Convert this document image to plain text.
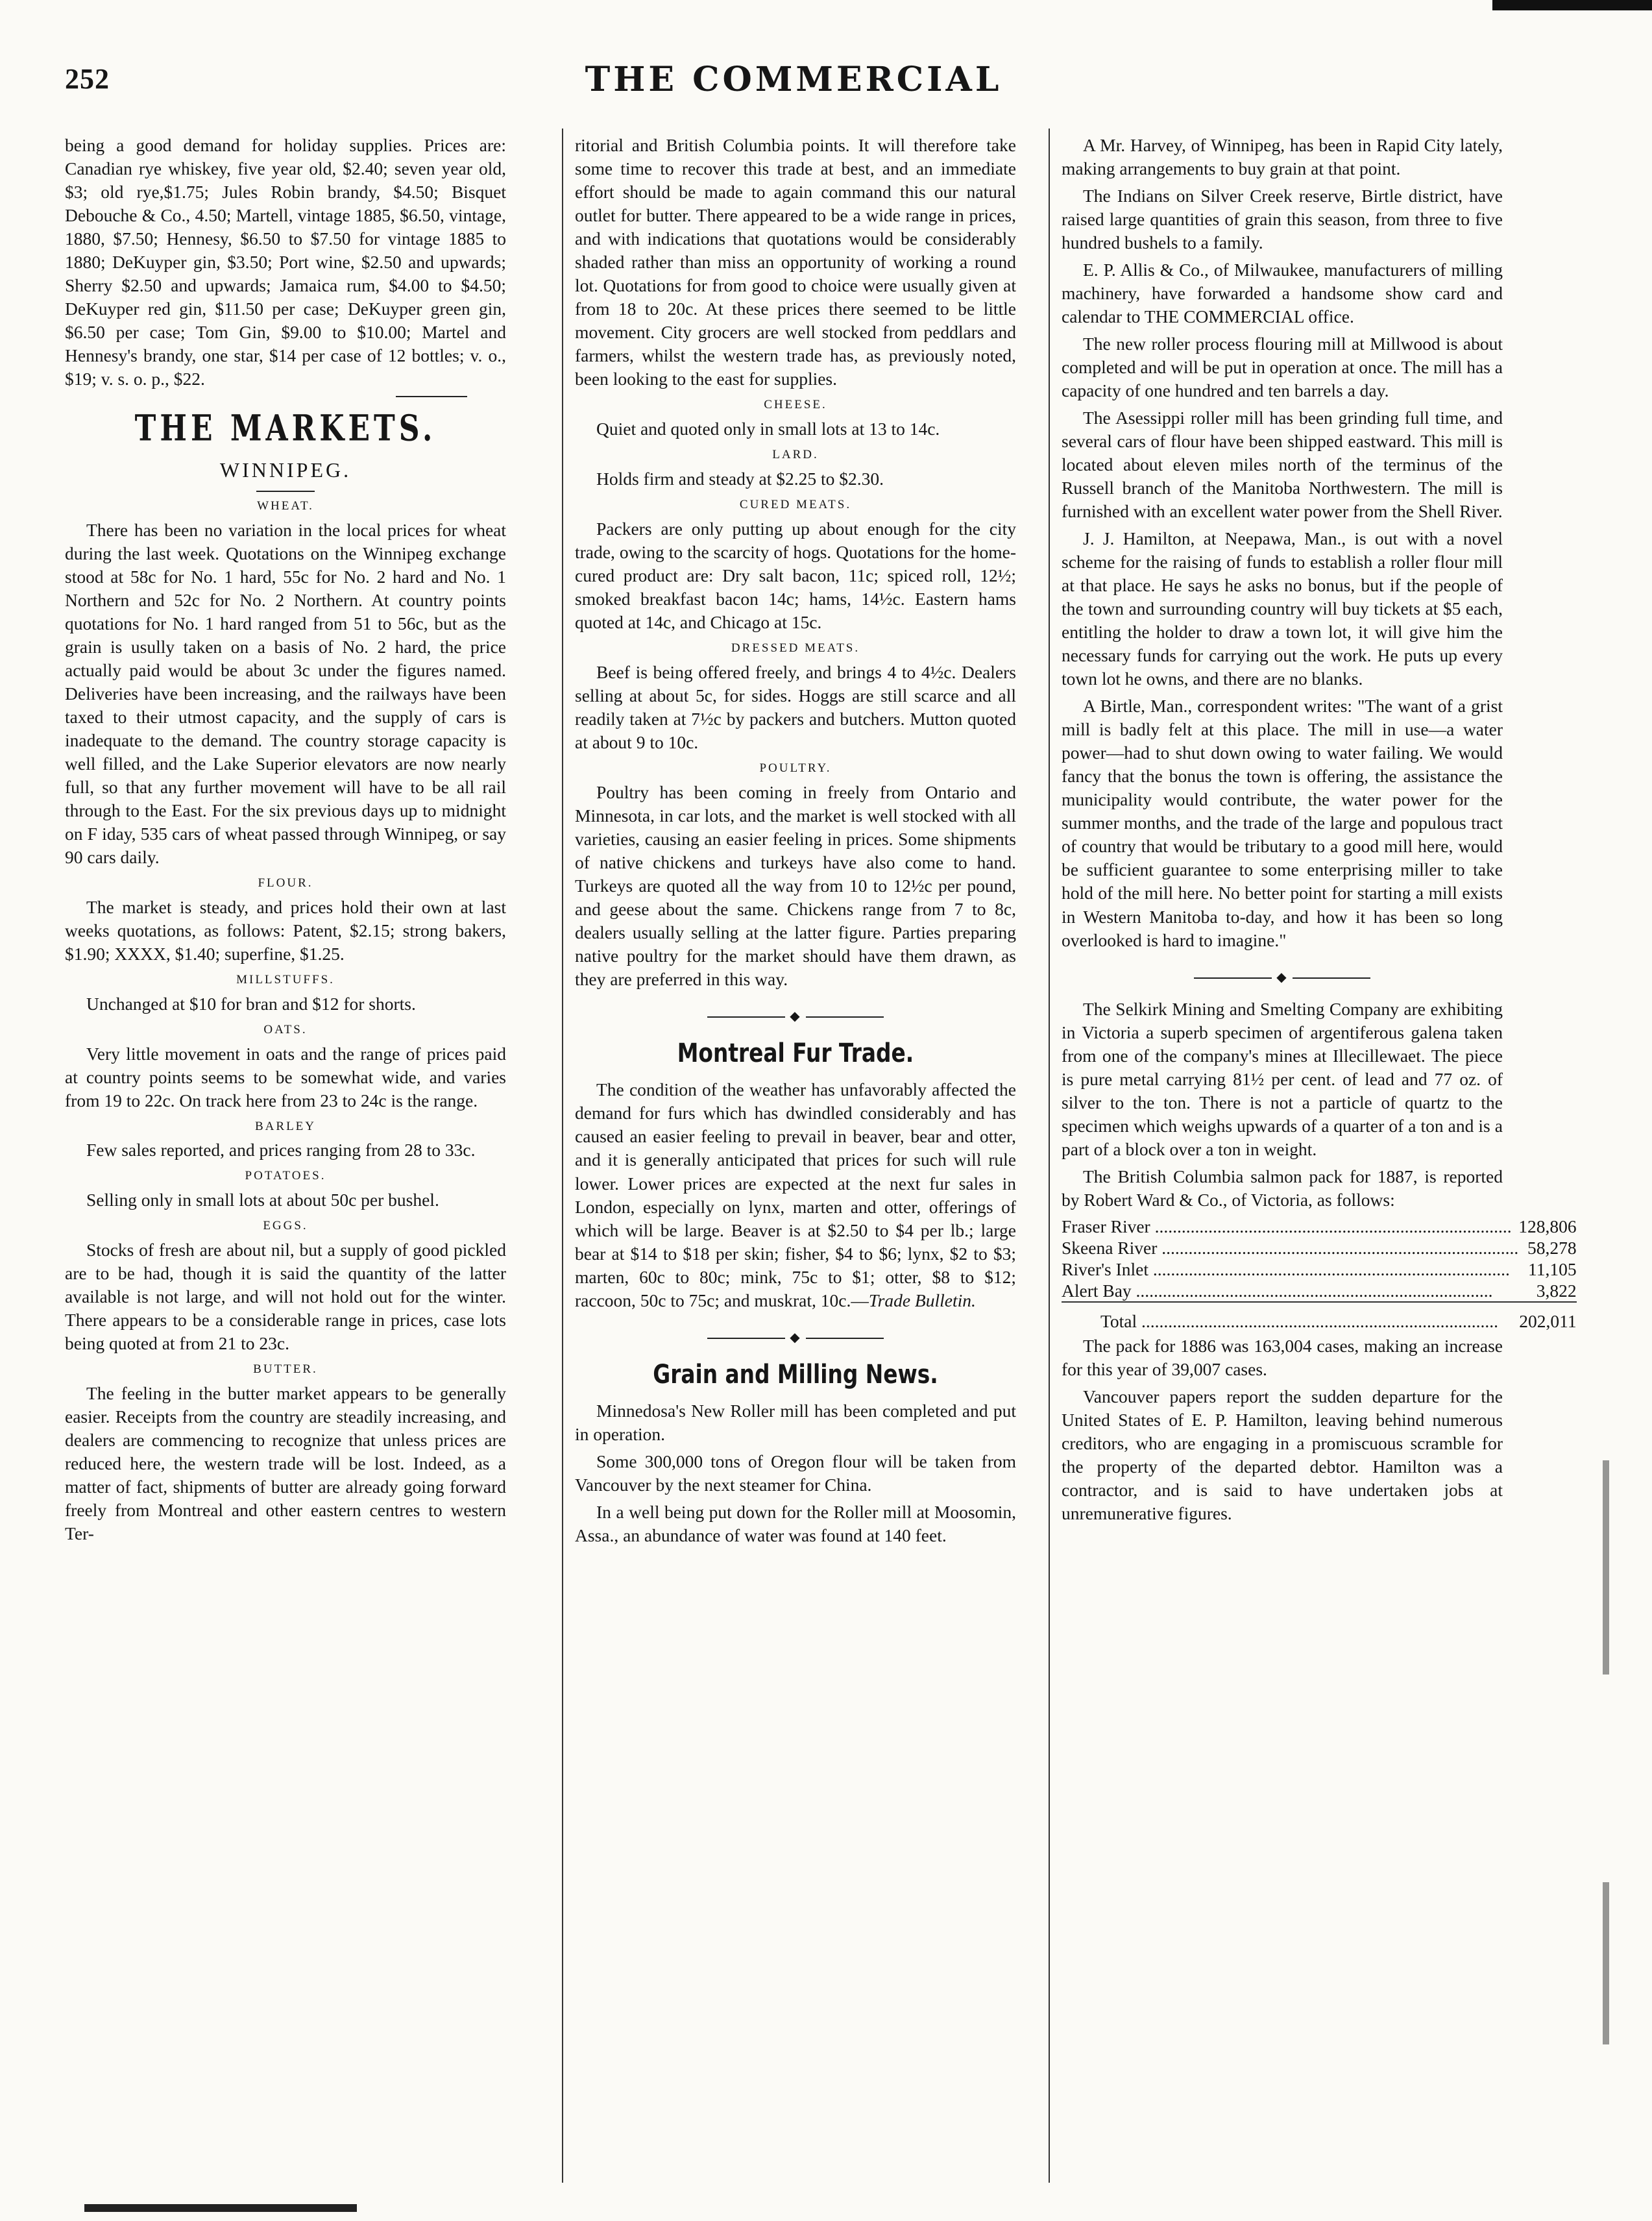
252	THE COMMERCIAL

being a good demand for holiday supplies. Prices are: Canadian rye whiskey, five year old, $2.40; seven year old, $3; old rye,$1.75; Jules Robin brandy, $4.50; Bisquet Debouche & Co., 4.50; Martell, vintage 1885, $6.50, vintage, 1880, $7.50; Hennesy, $6.50 to $7.50 for vintage 1885 to 1880; DeKuyper gin, $3.50; Port wine, $2.50 and upwards; Sherry $2.50 and upwards; Jamaica rum, $4.00 to $4.50; DeKuyper red gin, $11.50 per case; DeKuyper green gin, $6.50 per case; Tom Gin, $9.00 to $10.00; Martel and Hennesy's brandy, one star, $14 per case of 12 bottles; v. o., $19; v. s. o. p., $22.

THE MARKETS.
WINNIPEG.
WHEAT.

There has been no variation in the local prices for wheat during the last week. Quotations on the Winnipeg exchange stood at 58c for No. 1 hard, 55c for No. 2 hard and No. 1 Northern and 52c for No. 2 Northern. At country points quotations for No. 1 hard ranged from 51 to 56c, but as the grain is usully taken on a basis of No. 2 hard, the price actually paid would be about 3c under the figures named. Deliveries have been increasing, and the railways have been taxed to their utmost capacity, and the supply of cars is inadequate to the demand. The country storage capacity is well filled, and the Lake Superior elevators are now nearly full, so that any further movement will have to be all rail through to the East. For the six previous days up to midnight on F iday, 535 cars of wheat passed through Winnipeg, or say 90 cars daily.

FLOUR.

The market is steady, and prices hold their own at last weeks quotations, as follows: Patent, $2.15; strong bakers, $1.90; XXXX, $1.40; superfine, $1.25.

MILLSTUFFS.

Unchanged at $10 for bran and $12 for shorts.

OATS.

Very little movement in oats and the range of prices paid at country points seems to be somewhat wide, and varies from 19 to 22c. On track here from 23 to 24c is the range.

BARLEY

Few sales reported, and prices ranging from 28 to 33c.

POTATOES.

Selling only in small lots at about 50c per bushel.

EGGS.

Stocks of fresh are about nil, but a supply of good pickled are to be had, though it is said the quantity of the latter available is not large, and will not hold out for the winter. There appears to be a considerable range in prices, case lots being quoted at from 21 to 23c.

BUTTER.

The feeling in the butter market appears to be generally easier. Receipts from the country are steadily increasing, and dealers are commencing to recognize that unless prices are reduced here, the western trade will be lost. Indeed, as a matter of fact, shipments of butter are already going forward freely from Montreal and other eastern centres to western Ter-

ritorial and British Columbia points. It will therefore take some time to recover this trade at best, and an immediate effort should be made to again command this our natural outlet for butter. There appeared to be a wide range in prices, and with indications that quotations would be considerably shaded rather than miss an opportunity of working a round lot. Quotations for from good to choice were usually given at from 18 to 20c. At these prices there seemed to be little movement. City grocers are well stocked from peddlars and farmers, whilst the western trade has, as previously noted, been looking to the east for supplies.

CHEESE.

Quiet and quoted only in small lots at 13 to 14c.

LARD.

Holds firm and steady at $2.25 to $2.30.

CURED MEATS.

Packers are only putting up about enough for the city trade, owing to the scarcity of hogs. Quotations for the home-cured product are: Dry salt bacon, 11c; spiced roll, 12½; smoked breakfast bacon 14c; hams, 14½c. Eastern hams quoted at 14c, and Chicago at 15c.

DRESSED MEATS.

Beef is being offered freely, and brings 4 to 4½c. Dealers selling at about 5c, for sides. Hoggs are still scarce and all readily taken at 7½c by packers and butchers. Mutton quoted at about 9 to 10c.

POULTRY.

Poultry has been coming in freely from Ontario and Minnesota, in car lots, and the market is well stocked with all varieties, causing an easier feeling in prices. Some shipments of native chickens and turkeys have also come to hand. Turkeys are quoted all the way from 10 to 12½c per pound, and geese about the same. Chickens range from 7 to 8c, dealers usually selling at the latter figure. Parties preparing native poultry for the market should have them drawn, as they are preferred in this way.

◆
Montreal Fur Trade.

The condition of the weather has unfavorably affected the demand for furs which has dwindled considerably and has caused an easier feeling to prevail in beaver, bear and otter, and it is generally anticipated that prices for such will rule lower. Lower prices are expected at the next fur sales in London, especially on lynx, marten and otter, offerings of which will be large. Beaver is at $2.50 to $4 per lb.; large bear at $14 to $18 per skin; fisher, $4 to $6; lynx, $2 to $3; marten, 60c to 80c; mink, 75c to $1; otter, $8 to $12; raccoon, 50c to 75c; and muskrat, 10c.—Trade Bulletin.

◆
Grain and Milling News.

Minnedosa's New Roller mill has been completed and put in operation.

Some 300,000 tons of Oregon flour will be taken from Vancouver by the next steamer for China.

In a well being put down for the Roller mill at Moosomin, Assa., an abundance of water was found at 140 feet.

A Mr. Harvey, of Winnipeg, has been in Rapid City lately, making arrangements to buy grain at that point.

The Indians on Silver Creek reserve, Birtle district, have raised large quantities of grain this season, from three to five hundred bushels to a family.

E. P. Allis & Co., of Milwaukee, manufacturers of milling machinery, have forwarded a handsome show card and calendar to THE COMMERCIAL office.

The new roller process flouring mill at Millwood is about completed and will be put in operation at once. The mill has a capacity of one hundred and ten barrels a day.

The Asessippi roller mill has been grinding full time, and several cars of flour have been shipped eastward. This mill is located about eleven miles north of the terminus of the Russell branch of the Manitoba Northwestern. The mill is furnished with an excellent water power from the Shell River.

J. J. Hamilton, at Neepawa, Man., is out with a novel scheme for the raising of funds to establish a roller flour mill at that place. He says he asks no bonus, but if the people of the town and surrounding country will buy tickets at $5 each, entitling the holder to draw a town lot, it will give him the necessary funds for carrying out the work. He puts up every town lot he owns, and there are no blanks.

A Birtle, Man., correspondent writes: "The want of a grist mill is badly felt at this place. The mill in use—a water power—had to shut down owing to water failing. We would fancy that the bonus the town is offering, the assistance the municipality would contribute, the water power for the summer months, and the trade of the large and populous tract of country that would be tributary to a good mill here, would be sufficient guarantee to some enterprising miller to take hold of the mill here. No better point for starting a mill exists in Western Manitoba to-day, and how it has been so long overlooked is hard to imagine."

◆

The Selkirk Mining and Smelting Company are exhibiting in Victoria a superb specimen of argentiferous galena taken from one of the company's mines at Illecillewaet. The piece is pure metal carrying 81½ per cent. of lead and 77 oz. of silver to the ton. There is not a particle of quartz to the specimen which weighs upwards of a quarter of a ton and is a part of a block over a ton in weight.

The British Columbia salmon pack for 1887, is reported by Robert Ward & Co., of Victoria, as follows:

Fraser River ................................................................................	128,806
Skeena River ................................................................................	58,278
River's Inlet ................................................................................	11,105
Alert Bay ................................................................................	3,822
Total ................................................................................	202,011

The pack for 1886 was 163,004 cases, making an increase for this year of 39,007 cases.

Vancouver papers report the sudden departure for the United States of E. P. Hamilton, leaving behind numerous creditors, who are engaging in a promiscuous scramble for the property of the departed debtor. Hamilton was a contractor, and is said to have undertaken jobs at unremunerative figures.
